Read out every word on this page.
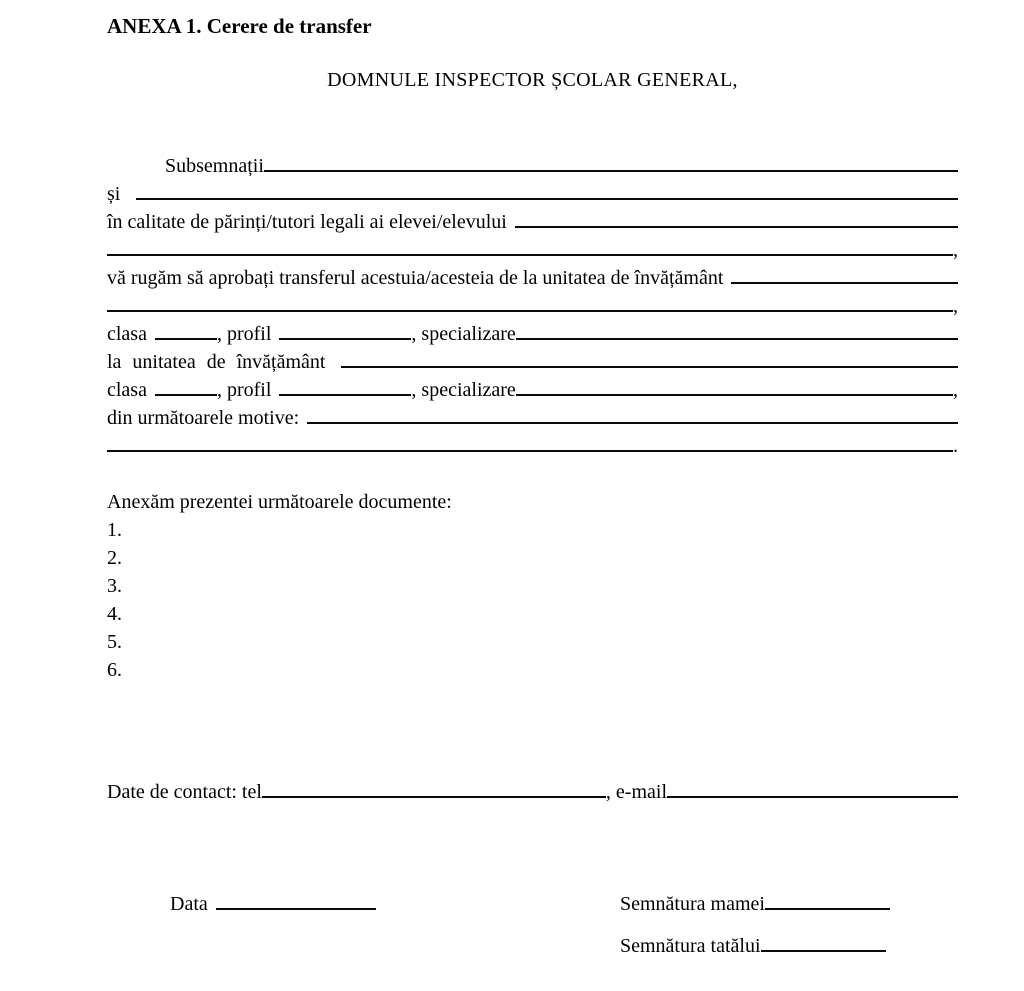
ANEXA 1. Cerere de transfer
DOMNULE INSPECTOR ȘCOLAR GENERAL,
Subsemnații
și
în calitate de părinți/tutori legali ai elevei/elevului
,
vă rugăm să aprobați transferul acestuia/acesteia de la unitatea de învățământ
,
clasa	, profil	, specializare
la unitatea de învățământ
clasa	, profil	, specializare	,
din următoarele motive:
.
Anexăm prezentei următoarele documente:
1.
2.
3.
4.
5.
6.
Date de contact: tel	, e-mail
Data	Semnătura mamei
Semnătura tatălui
